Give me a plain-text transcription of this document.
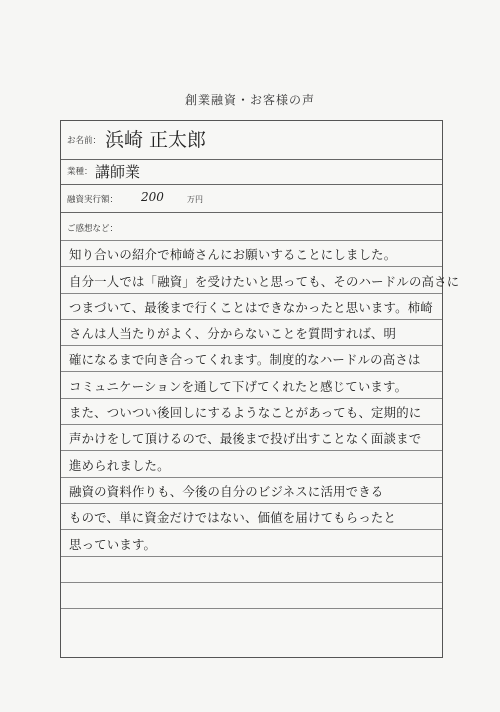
創業融資・お客様の声
お名前： 浜崎 正太郎
業種： 講師業
融資実行額： 200	万円
ご感想など：
知り合いの紹介で柿崎さんにお願いすることにしました。
自分一人では「融資」を受けたいと思っても、そのハードルの高さに
つまづいて、最後まで行くことはできなかったと思います。柿崎
さんは人当たりがよく、分からないことを質問すれば、明
確になるまで向き合ってくれます。制度的なハードルの高さは
コミュニケーションを通して下げてくれたと感じています。
また、ついつい後回しにするようなことがあっても、定期的に
声かけをして頂けるので、最後まで投げ出すことなく面談まで
進められました。
融資の資料作りも、今後の自分のビジネスに活用できる
もので、単に資金だけではない、価値を届けてもらったと
思っています。
